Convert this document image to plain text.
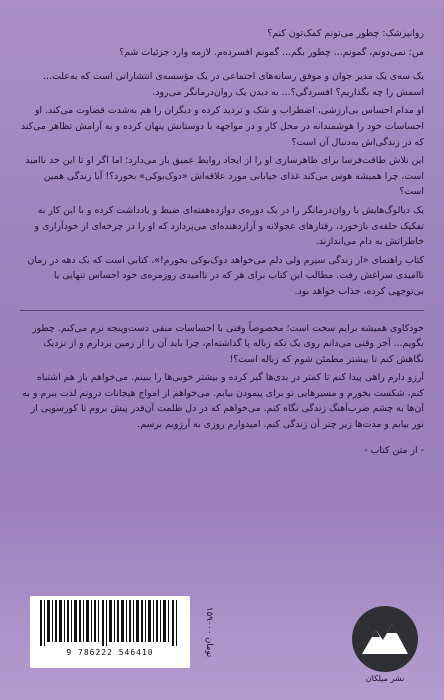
روانپزشک: چطور می‌تونم کمک‌تون کنم؟

من: نمی‌دونم، گمونم... چطور بگم... گمونم افسرده‌م. لازمه وارد جزئیات شم؟

یک سه‌ی یک مدیر جوان و موفق رسانه‌های اجتماعی در یک مؤسسه‌ی انتشاراتی است که به‌علت... اسمش را چه بگذاریم؟ افسردگی؟... به دیدن یک روان‌درمانگر می‌رود.

او مدام احساس بی‌ارزشی، اضطراب و شک و تردید کرده و دیگران را هم به‌شدت قضاوت می‌کند. او احساسات خود را هوشمندانه در محل کار و در مواجهه با دوستانش پنهان کرده و به آرامش تظاهر می‌کند که در زندگی‌اش به‌دنبال آن است؟

این تلاش طاقت‌فرسا برای ظاهرسازی او را از ایجاد روابط عمیق باز می‌دارد؛ اما اگر او تا این حد ناامید است، چرا همیشه هوس می‌کند غذای خیابانی مورد علاقه‌اش «دوک‌بوکی» بخورد؟! آیا زندگی همین است؟

یک دیالوگ‌هایش با روان‌درمانگر را در یک دوره‌ی دوازده‌هفته‌ای ضبط و یادداشت کرده و با این کار به تفکیک حلقه‌ی بازخورد، رفتارهای عجولانه و آزاردهنده‌ای می‌پردازد که او را در چرخه‌ای از خودآزاری و خاطراتش به دام می‌اندازند.

کتاب راهنمای «از زندگی سیرم ولی دلم می‌خواهد دوک‌بوکی بخورم!»، کتابی است که یک دهه در زمان ناامیدی سراغش رفت. مطالب این کتاب برای هر که در ناامیدی روزمره‌ی خود احساس تنهایی یا بی‌توجهی کرده، جذاب خواهد بود.

خودکاوی همیشه برایم سخت است؛ مخصوصاً وقتی با احساسات منفی دست‌وپنجه نرم می‌کنم. چطور بگویم... آخر وقتی می‌دانم روی یک تکه زباله پا گذاشته‌ام، چرا باید آن را از زمین بردارم و از نزدیک نگاهش کنم تا بیشتر مطمئن شوم که زباله است؟!

آرزو دارم راهی پیدا کنم تا کمتر در بدی‌ها گیر کرده و بیشتر خوبی‌ها را ببینم. می‌خواهم باز هم اشتباه کنم، شکست بخورم و مسیرهایی نو برای پیمودن بیابم. می‌خواهم از امواج هیجانات درونم لذت ببرم و به آن‌ها به چشم ضرب‌آهنگ زندگی نگاه کنم. می‌خواهم که در دل ظلمت آن‌قدر پیش بروم تا کورسویی از نور بیابم و مدت‌ها زیر چتر آن زندگی کنم. امیدوارم روزی به آرزویم برسم.

- از متن کتاب -

9 786222 546410
۱۵۹۰۰۰ تومان
نشر میلکان
